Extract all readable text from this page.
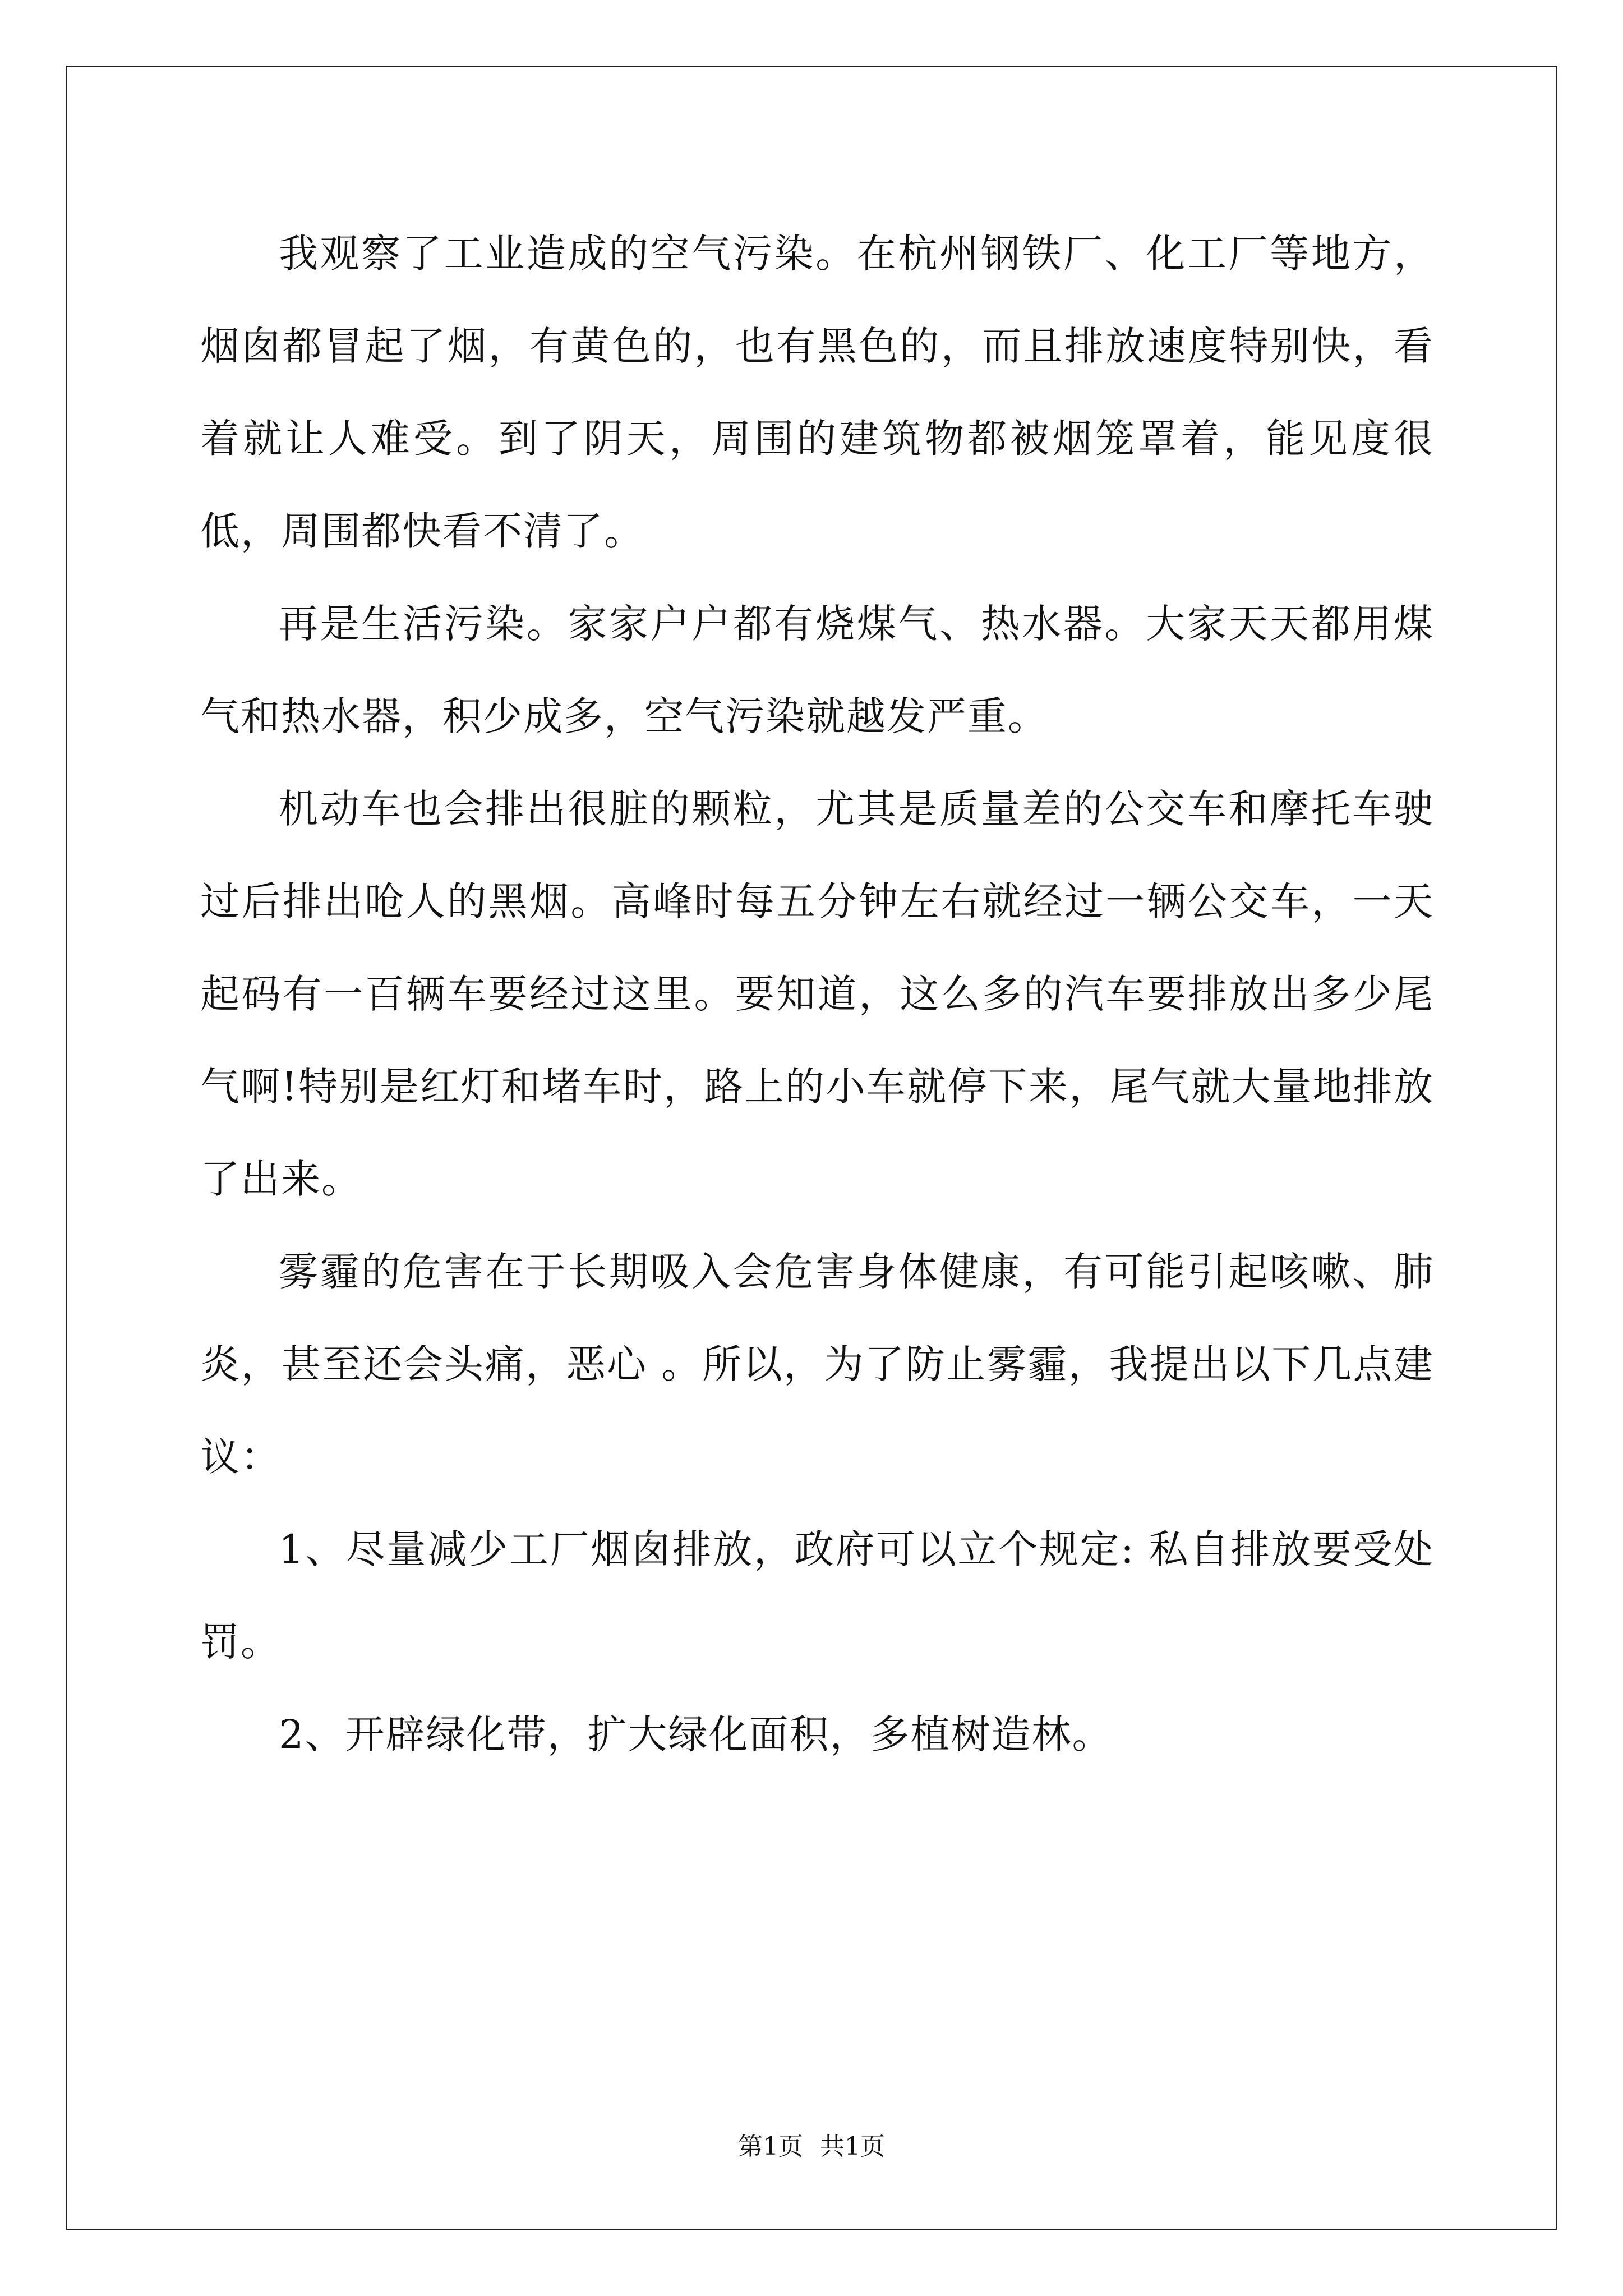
我观察了工业造成的空气污染。在杭州钢铁厂、化工厂等地方，烟囱都冒起了烟，有黄色的，也有黑色的，而且排放速度特别快，看着就让人难受。到了阴天，周围的建筑物都被烟笼罩着，能见度很低，周围都快看不清了。

再是生活污染。家家户户都有烧煤气、热水器。大家天天都用煤气和热水器，积少成多，空气污染就越发严重。

机动车也会排出很脏的颗粒，尤其是质量差的公交车和摩托车驶过后排出呛人的黑烟。高峰时每五分钟左右就经过一辆公交车，一天起码有一百辆车要经过这里。要知道，这么多的汽车要排放出多少尾气啊!特别是红灯和堵车时，路上的小车就停下来，尾气就大量地排放了出来。

雾霾的危害在于长期吸入会危害身体健康，有可能引起咳嗽、肺炎，甚至还会头痛，恶心 。所以，为了防止雾霾，我提出以下几点建议：

1、尽量减少工厂烟囱排放，政府可以立个规定: 私自排放要受处罚。

2、开辟绿化带，扩大绿化面积，多植树造林。

第1页 共1页
